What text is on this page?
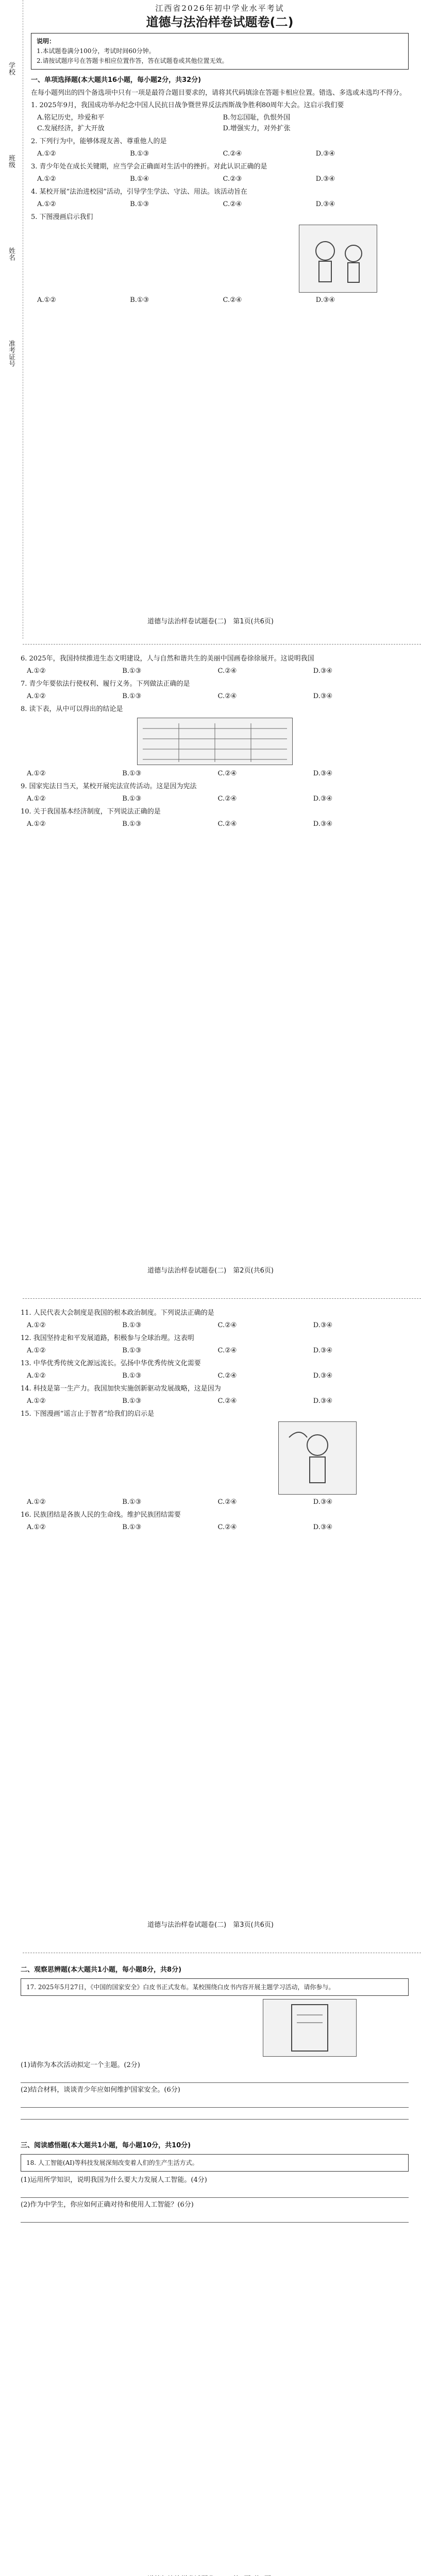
学校
班级
姓名
准考证号
江西省2026年初中学业水平考试
道德与法治样卷试题卷(二)
说明：
1.本试题卷满分100分，考试时间60分钟。
2.请按试题序号在答题卡相应位置作答，答在试题卷或其他位置无效。
一、单项选择题(本大题共16小题，每小题2分，共32分)
在每小题列出的四个备选项中只有一项是最符合题目要求的，请将其代码填涂在答题卡相应位置。错选、多选或未选均不得分。
1. 2025年9月，我国成功举办纪念中国人民抗日战争暨世界反法西斯战争胜利80周年大会。这启示我们要
A.铭记历史，珍爱和平	B.勿忘国耻，仇恨外国
C.发展经济，扩大开放	D.增强实力，对外扩张
2. 下列行为中，能够体现友善、尊重他人的是
A.①②	B.①③	C.②④	D.③④
3. 青少年处在成长关键期，应当学会正确面对生活中的挫折。对此认识正确的是
A.①②	B.①④	C.②③	D.③④
4. 某校开展“法治进校园”活动，引导学生学法、守法、用法。该活动旨在
A.①②	B.①③	C.②④	D.③④
5. 下图漫画启示我们
A.①②	B.①③	C.②④	D.③④
道德与法治样卷试题卷(二)　第1页(共6页)
6. 2025年，我国持续推进生态文明建设，人与自然和谐共生的美丽中国画卷徐徐展开。这说明我国
A.①②	B.①③	C.②④	D.③④
7. 青少年要依法行使权利、履行义务。下列做法正确的是
A.①②	B.①③	C.②④	D.③④
8. 读下表，从中可以得出的结论是
A.①②	B.①③	C.②④	D.③④
9. 国家宪法日当天，某校开展宪法宣传活动。这是因为宪法
A.①②	B.①③	C.②④	D.③④
10. 关于我国基本经济制度，下列说法正确的是
A.①②	B.①③	C.②④	D.③④
道德与法治样卷试题卷(二)　第2页(共6页)
11. 人民代表大会制度是我国的根本政治制度。下列说法正确的是
A.①②	B.①③	C.②④	D.③④
12. 我国坚持走和平发展道路，积极参与全球治理。这表明
A.①②	B.①③	C.②④	D.③④
13. 中华优秀传统文化源远流长。弘扬中华优秀传统文化需要
A.①②	B.①③	C.②④	D.③④
14. 科技是第一生产力。我国加快实施创新驱动发展战略，这是因为
A.①②	B.①③	C.②④	D.③④
15. 下图漫画“谣言止于智者”给我们的启示是
A.①②	B.①③	C.②④	D.③④
16. 民族团结是各族人民的生命线。维护民族团结需要
A.①②	B.①③	C.②④	D.③④
道德与法治样卷试题卷(二)　第3页(共6页)
二、观察思辨题(本大题共1小题，每小题8分，共8分)
17. 2025年5月27日，《中国的国家安全》白皮书正式发布。某校围绕白皮书内容开展主题学习活动，请你参与。
(1)请你为本次活动拟定一个主题。(2分)
(2)结合材料，谈谈青少年应如何维护国家安全。(6分)
三、阅读感悟题(本大题共1小题，每小题10分，共10分)
18. 人工智能(AI)等科技发展深刻改变着人们的生产生活方式。
(1)运用所学知识，说明我国为什么要大力发展人工智能。(4分)
(2)作为中学生，你应如何正确对待和使用人工智能？(6分)
